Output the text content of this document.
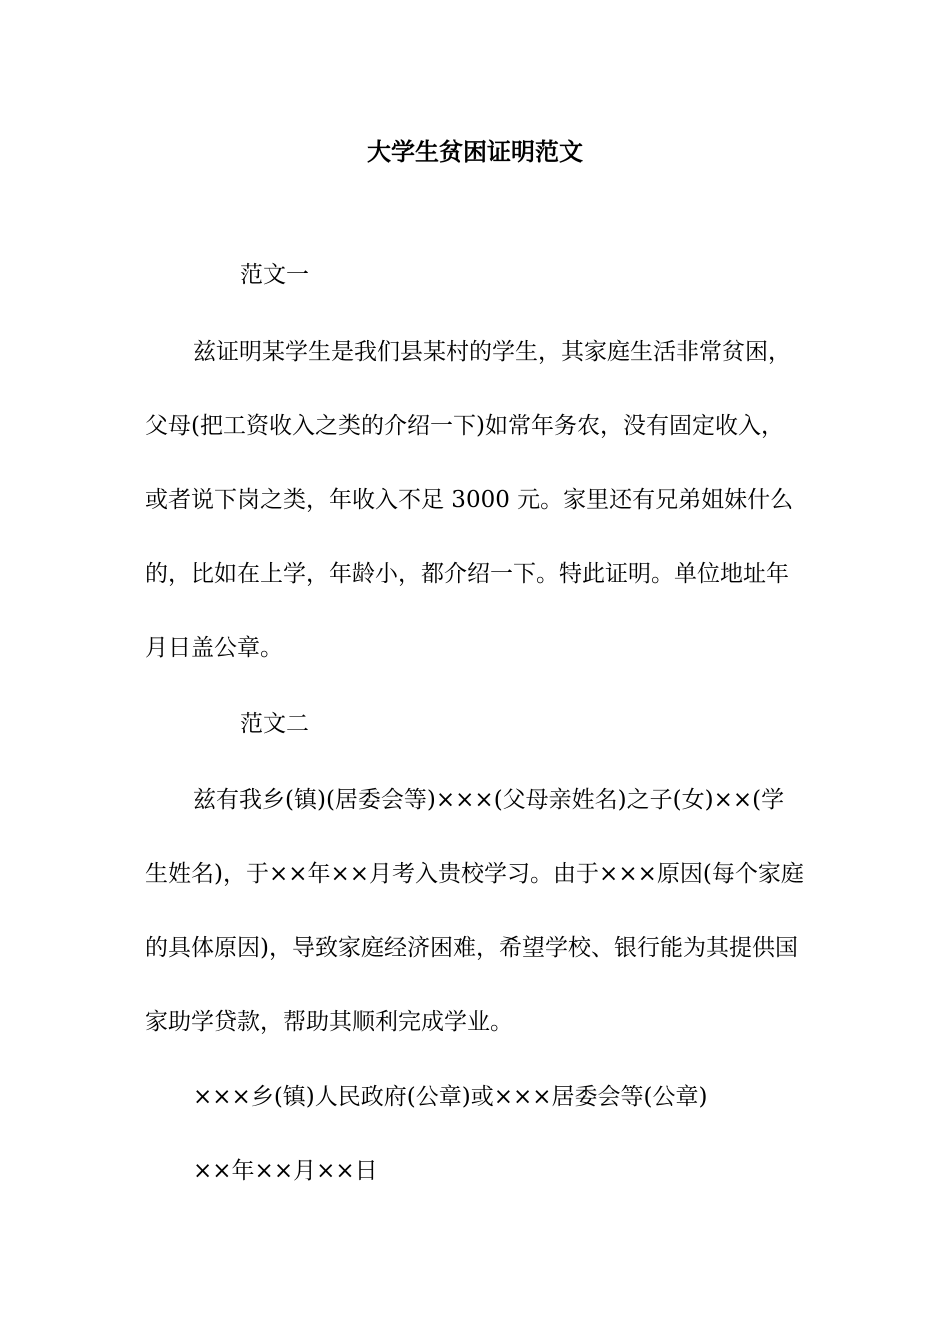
大学生贫困证明范文
范文一
兹证明某学生是我们县某村的学生，其家庭生活非常贫困，父母(把工资收入之类的介绍一下)如常年务农，没有固定收入，或者说下岗之类，年收入不足 3000 元。家里还有兄弟姐妹什么的，比如在上学，年龄小，都介绍一下。特此证明。单位地址年月日盖公章。
范文二
兹有我乡(镇)(居委会等)×××(父母亲姓名)之子(女)××(学生姓名)，于××年××月考入贵校学习。由于×××原因(每个家庭的具体原因)，导致家庭经济困难，希望学校、银行能为其提供国家助学贷款，帮助其顺利完成学业。
×××乡(镇)人民政府(公章)或×××居委会等(公章)
××年××月××日
